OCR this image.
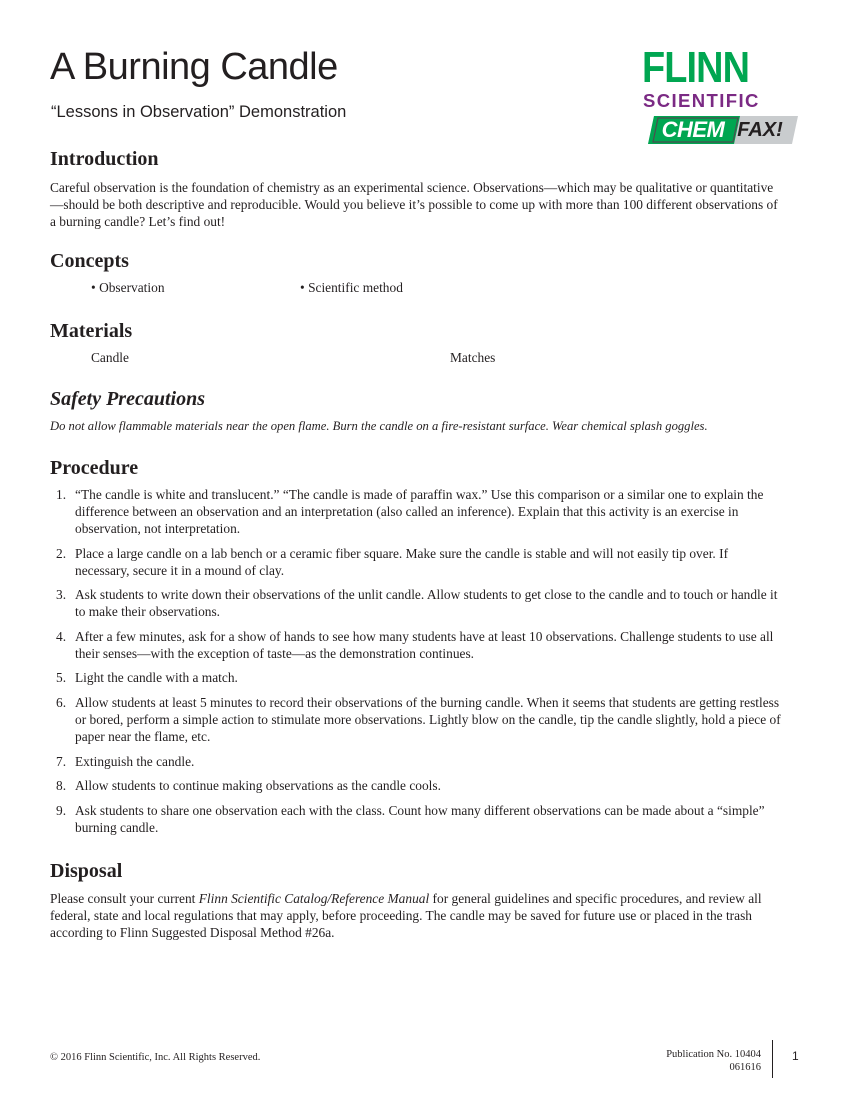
A Burning Candle
“Lessons in Observation” Demonstration
FLINN
SCIENTIFIC
CHEM FAX!
Introduction

Careful observation is the foundation of chemistry as an experimental science. Observations—which may be qualitative or quantitative—should be both descriptive and reproducible. Would you believe it’s possible to come up with more than 100 different observations of a burning candle? Let’s find out!

Concepts
• Observation	• Scientific method
Materials
Candle	Matches
Safety Precautions

Do not allow flammable materials near the open flame. Burn the candle on a fire-resistant surface. Wear chemical splash goggles.

Procedure
1. “The candle is white and translucent.” “The candle is made of paraffin wax.” Use this comparison or a similar one to explain the difference between an observation and an interpretation (also called an inference). Explain that this activity is an exercise in observation, not interpretation.
2. Place a large candle on a lab bench or a ceramic fiber square. Make sure the candle is stable and will not easily tip over. If necessary, secure it in a mound of clay.
3. Ask students to write down their observations of the unlit candle. Allow students to get close to the candle and to touch or handle it to make their observations.
4. After a few minutes, ask for a show of hands to see how many students have at least 10 observations. Challenge students to use all their senses—with the exception of taste—as the demonstration continues.
5. Light the candle with a match.
6. Allow students at least 5 minutes to record their observations of the burning candle. When it seems that students are getting restless or bored, perform a simple action to stimulate more observations. Lightly blow on the candle, tip the candle slightly, hold a piece of paper near the flame, etc.
7. Extinguish the candle.
8. Allow students to continue making observations as the candle cools.
9. Ask students to share one observation each with the class. Count how many different observations can be made about a “simple” burning candle.
Disposal

Please consult your current Flinn Scientific Catalog/Reference Manual for general guidelines and specific procedures, and review all federal, state and local regulations that may apply, before proceeding. The candle may be saved for future use or placed in the trash according to Flinn Suggested Disposal Method #26a.

© 2016 Flinn Scientific, Inc. All Rights Reserved.	Publication No. 10404
061616
1
